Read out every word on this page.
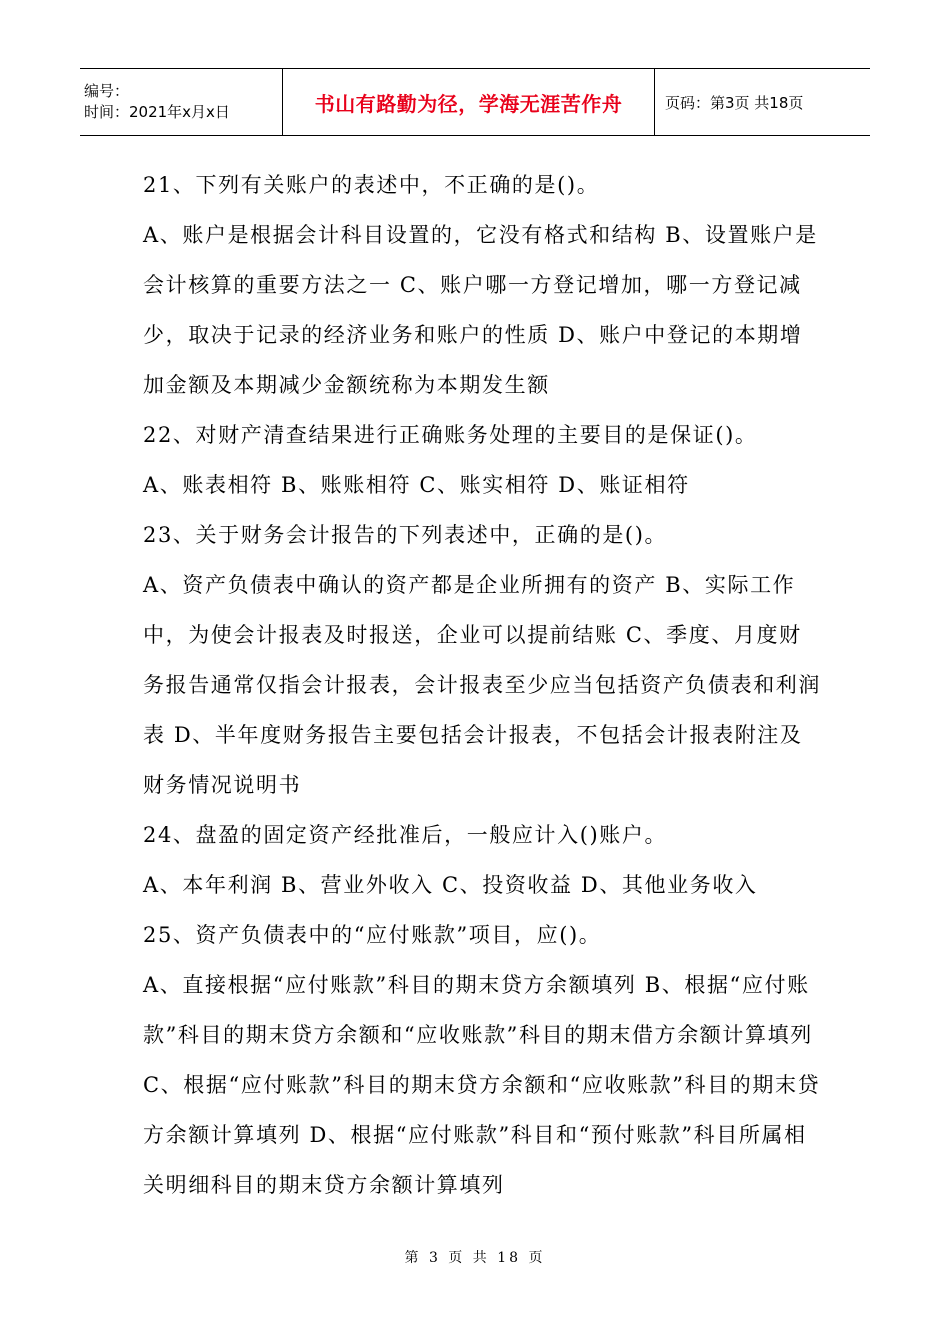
编号：
时间：2021年x月x日	书山有路勤为径，学海无涯苦作舟	页码：第3页 共18页

21、下列有关账户的表述中，不正确的是()。

A、账户是根据会计科目设置的，它没有格式和结构 B、设置账户是会计核算的重要方法之一 C、账户哪一方登记增加，哪一方登记减少，取决于记录的经济业务和账户的性质 D、账户中登记的本期增加金额及本期减少金额统称为本期发生额

22、对财产清查结果进行正确账务处理的主要目的是保证()。

A、账表相符 B、账账相符 C、账实相符 D、账证相符

23、关于财务会计报告的下列表述中，正确的是()。

A、资产负债表中确认的资产都是企业所拥有的资产 B、实际工作中，为使会计报表及时报送，企业可以提前结账 C、季度、月度财务报告通常仅指会计报表，会计报表至少应当包括资产负债表和利润表 D、半年度财务报告主要包括会计报表，不包括会计报表附注及财务情况说明书

24、盘盈的固定资产经批准后，一般应计入()账户。

A、本年利润 B、营业外收入 C、投资收益 D、其他业务收入

25、资产负债表中的“应付账款”项目，应()。

A、直接根据“应付账款”科目的期末贷方余额填列 B、根据“应付账款”科目的期末贷方余额和“应收账款”科目的期末借方余额计算填列 C、根据“应付账款”科目的期末贷方余额和“应收账款”科目的期末贷方余额计算填列 D、根据“应付账款”科目和“预付账款”科目所属相关明细科目的期末贷方余额计算填列

第 3 页 共 18 页
